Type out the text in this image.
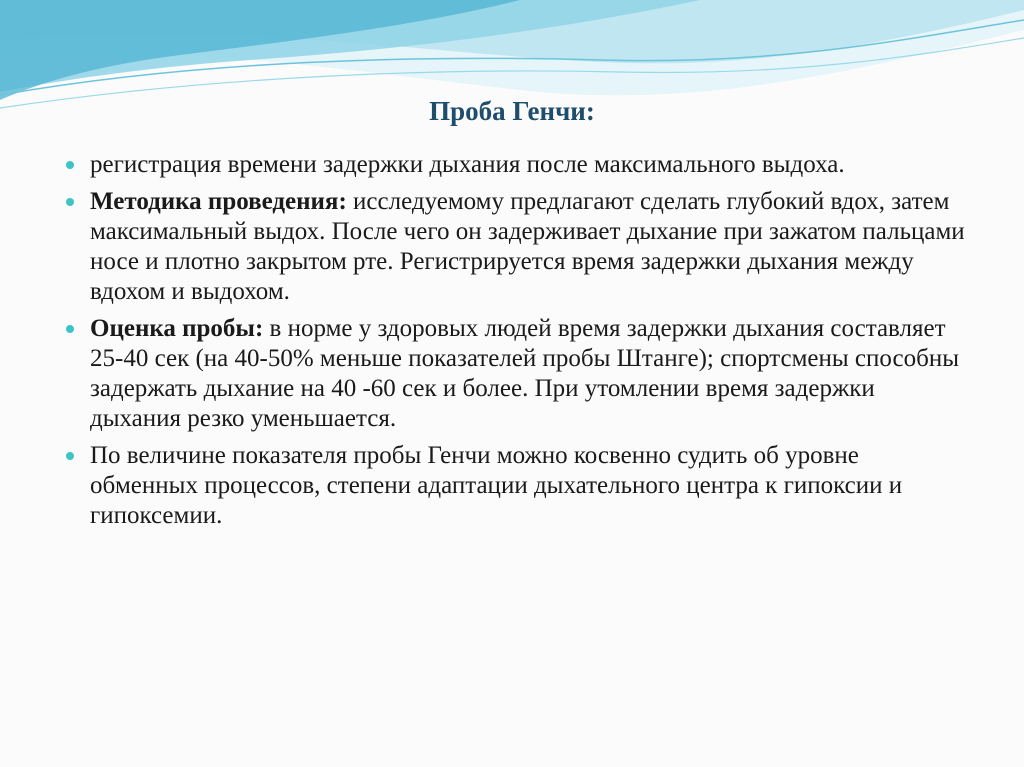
Проба Генчи:
регистрация времени задержки дыхания после максимального выдоха.
Методика проведения: исследуемому предлагают сделать глубокий вдох, затем максимальный выдох. После чего он задерживает дыхание при зажатом пальцами носе и плотно закрытом рте. Регистрируется время задержки дыхания между вдохом и выдохом.
Оценка пробы: в норме у здоровых людей время задержки дыхания составляет 25-40 сек (на 40-50% меньше показателей пробы Штанге); спортсмены способны задержать дыхание на 40 -60 сек и более. При утомлении время задержки дыхания резко уменьшается.
По величине показателя пробы Генчи можно косвенно судить об уровне обменных процессов, степени адаптации дыхательного центра к гипоксии и гипоксемии.
